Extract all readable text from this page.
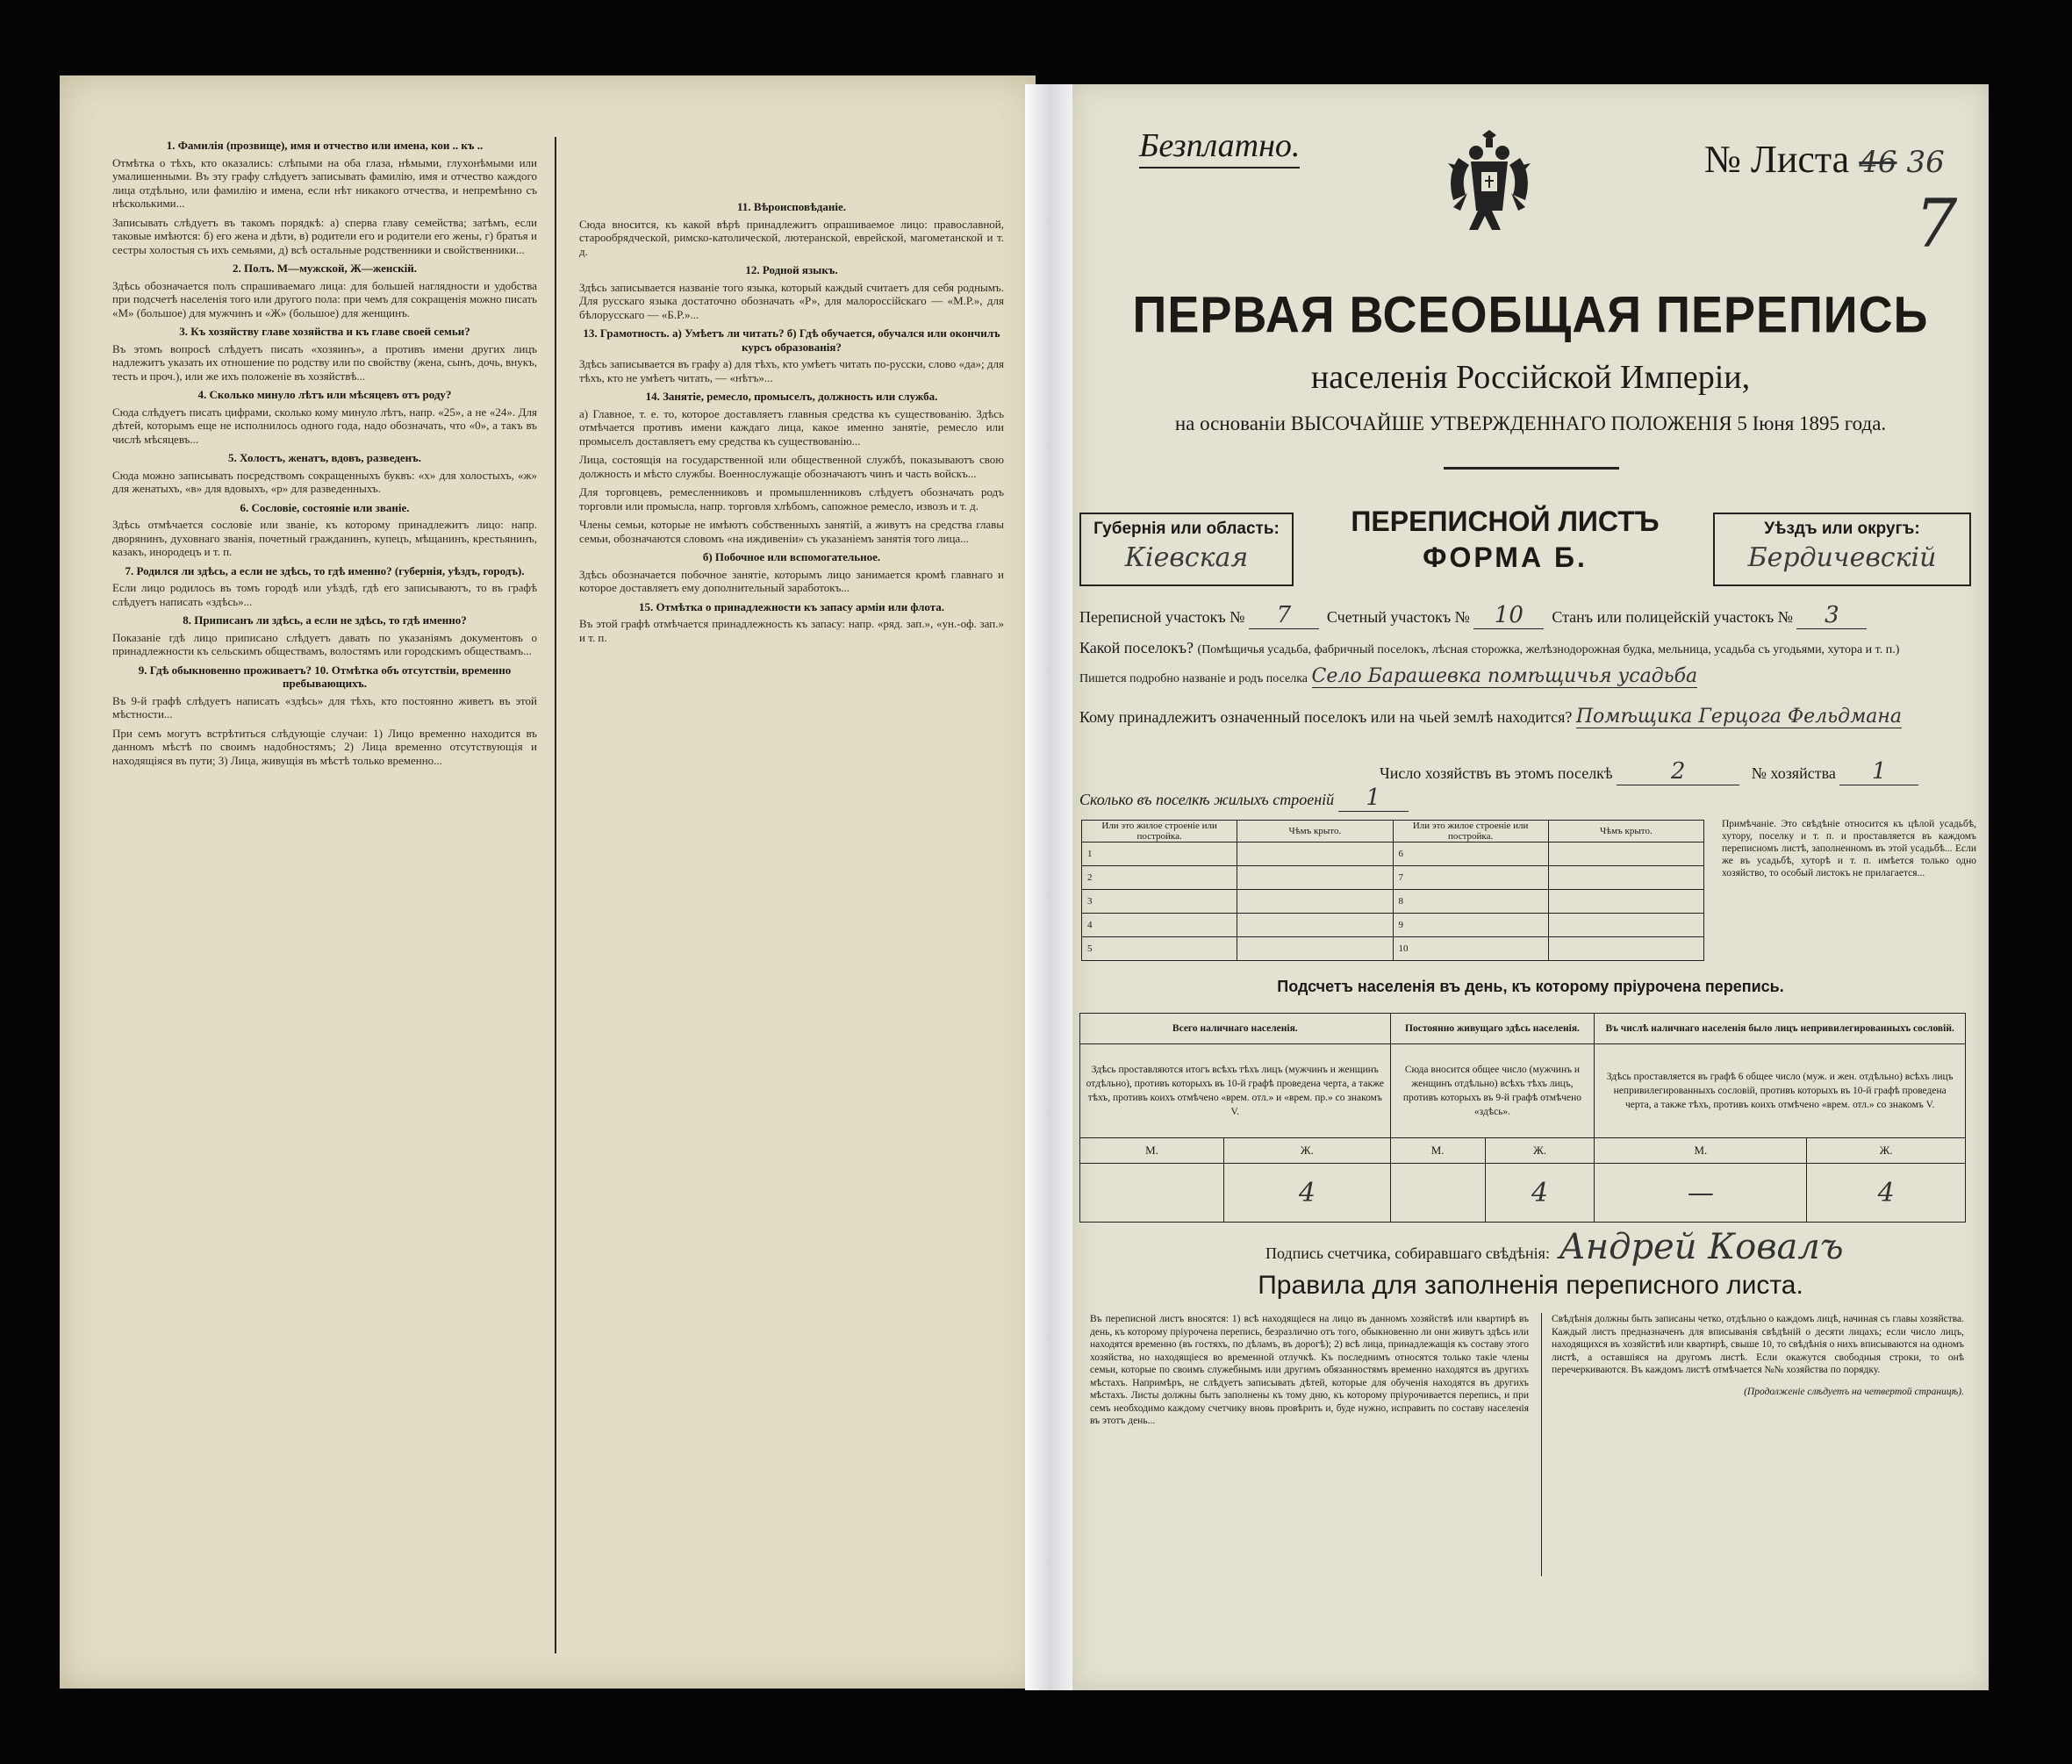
1. Фамилія (прозвище), имя и отчество или имена, кои .. къ ..
Отмѣтка о тѣхъ, кто оказались: слѣпыми на оба глаза, нѣмыми, глухонѣмыми или умалишенными. Въ эту графу слѣдуетъ записывать фамилію, имя и отчество каждого лица отдѣльно, или фамилію и имена, если нѣт никакого отчества, и непремѣнно съ нѣсколькими...
Записывать слѣдуетъ въ такомъ порядкѣ: а) сперва главу семейства; затѣмъ, если таковые имѣются: б) его жена и дѣти, в) родители его и родители его жены, г) братья и сестры холостыя съ ихъ семьями, д) всѣ остальные родственники и свойственники...
2. Полъ. М—мужской, Ж—женскій.
Здѣсь обозначается полъ спрашиваемаго лица: для большей наглядности и удобства при подсчетѣ населенія того или другого пола: при чемъ для сокращенія можно писать «М» (большое) для мужчинъ и «Ж» (большое) для женщинъ.
3. Къ хозяйству главе хозяйства и къ главе своей семьи?
Въ этомъ вопросѣ слѣдуетъ писать «хозяинъ», а противъ имени других лицъ надлежитъ указать их отношение по родству или по свойству (жена, сынъ, дочь, внукъ, тесть и проч.), или же ихъ положеніе въ хозяйствѣ...
4. Сколько минуло лѣтъ или мѣсяцевъ отъ роду?
Сюда слѣдуетъ писать цифрами, сколько кому минуло лѣтъ, напр. «25», а не «24». Для дѣтей, которымъ еще не исполнилось одного года, надо обозначать, что «0», а такъ въ числѣ мѣсяцевъ...
5. Холостъ, женатъ, вдовъ, разведенъ.
Сюда можно записывать посредствомъ сокращенныхъ буквъ: «х» для холостыхъ, «ж» для женатыхъ, «в» для вдовыхъ, «р» для разведенныхъ.
6. Сословіе, состояніе или званіе.
Здѣсь отмѣчается сословіе или званіе, къ которому принадлежитъ лицо: напр. дворянинъ, духовнаго званія, почетный гражданинъ, купецъ, мѣщанинъ, крестьянинъ, казакъ, инородецъ и т. п.
7. Родился ли здѣсь, а если не здѣсь, то гдѣ именно? (губернія, уѣздъ, городъ).
Если лицо родилось въ томъ городѣ или уѣздѣ, гдѣ его записываютъ, то въ графѣ слѣдуетъ написать «здѣсь»...
8. Приписанъ ли здѣсь, а если не здѣсь, то гдѣ именно?
Показаніе гдѣ лицо приписано слѣдуетъ давать по указаніямъ документовъ о принадлежности къ сельскимъ обществамъ, волостямъ или городскимъ обществамъ...
9. Гдѣ обыкновенно проживаетъ? 10. Отмѣтка объ отсутствіи, временно пребывающихъ.
Въ 9-й графѣ слѣдуетъ написать «здѣсь» для тѣхъ, кто постоянно живетъ въ этой мѣстности...
При семъ могутъ встрѣтиться слѣдующіе случаи: 1) Лицо временно находится въ данномъ мѣстѣ по своимъ надобностямъ; 2) Лица временно отсутствующія и находящіяся въ пути; 3) Лица, живущія въ мѣстѣ только временно...
11. Вѣроисповѣданіе.
Сюда вносится, къ какой вѣрѣ принадлежитъ опрашиваемое лицо: православной, старообрядческой, римско-католической, лютеранской, еврейской, магометанской и т. д.
12. Родной языкъ.
Здѣсь записывается названіе того языка, который каждый считаетъ для себя роднымъ. Для русскаго языка достаточно обозначать «Р», для малороссійскаго — «М.Р.», для бѣлорусскаго — «Б.Р.»...
13. Грамотность. а) Умѣетъ ли читать? б) Гдѣ обучается, обучался или окончилъ курсъ образованія?
Здѣсь записывается въ графу а) для тѣхъ, кто умѣетъ читать по-русски, слово «да»; для тѣхъ, кто не умѣетъ читать, — «нѣтъ»...
14. Занятіе, ремесло, промыселъ, должность или служба.
а) Главное, т. е. то, которое доставляетъ главныя средства къ существованію. Здѣсь отмѣчается противъ имени каждаго лица, какое именно занятіе, ремесло или промыселъ доставляетъ ему средства къ существованію...
Лица, состоящія на государственной или общественной службѣ, показываютъ свою должность и мѣсто службы. Военнослужащіе обозначаютъ чинъ и часть войскъ...
Для торговцевъ, ремесленниковъ и промышленниковъ слѣдуетъ обозначать родъ торговли или промысла, напр. торговля хлѣбомъ, сапожное ремесло, извозъ и т. д.
Члены семьи, которые не имѣютъ собственныхъ занятій, а живутъ на средства главы семьи, обозначаются словомъ «на иждивеніи» съ указаніемъ занятія того лица...
б) Побочное или вспомогательное.
Здѣсь обозначается побочное занятіе, которымъ лицо занимается кромѣ главнаго и которое доставляетъ ему дополнительный заработокъ...
15. Отмѣтка о принадлежности къ запасу армiи или флота.
Въ этой графѣ отмѣчается принадлежность къ запасу: напр. «ряд. зап.», «ун.-оф. зап.» и т. п.
Безплатно.	№ Листа 46 36
7
ПЕРВАЯ ВСЕОБЩАЯ ПЕРЕПИСЬ
населенія Россійской Имперіи,
на основаніи ВЫСОЧАЙШЕ УТВЕРЖДЕННАГО ПОЛОЖЕНІЯ 5 Іюня 1895 года.
Губернія или область:
Кіевская
ПЕРЕПИСНОЙ ЛИСТЪ
ФОРМА Б.
Уѣздъ или округъ:
Бердичевскій
Переписной участокъ № 7 Счетный участокъ № 10 Станъ или полицейскій участокъ № 3
Какой поселокъ? (Помѣщичья усадьба, фабричный поселокъ, лѣсная сторожка, желѣзнодорожная будка, мельница, усадьба съ угодьями, хутора и т. п.)
Пишется подробно названіе и родъ поселка Село Барашевка помѣщичья усадьба
Кому принадлежитъ означенный поселокъ или на чьей землѣ находится? Помѣщика Герцога Фельдмана
Число хозяйствъ въ этомъ поселкѣ	2	№ хозяйства 1
Сколько въ поселкѣ жилыхъ строеній 1
Или это жилое строеніе или постройка.	Чѣмъ крыто.	Или это жилое строеніе или постройка.	Чѣмъ крыто.
1		6	
2		7	
3		8	
4		9	
5		10	
Примѣчаніе. Это свѣдѣніе относится къ цѣлой усадьбѣ, хутору, поселку и т. п. и проставляется въ каждомъ переписномъ листѣ, заполненномъ въ этой усадьбѣ... Если же въ усадьбѣ, хуторѣ и т. п. имѣется только одно хозяйство, то особый листокъ не прилагается...
Подсчетъ населенія въ день, къ которому пріурочена перепись.
Всего наличнаго населенія.		Постоянно живущаго здѣсь населенія.		Въ числѣ наличнаго населенія было лицъ непривилегированныхъ сословій.	
Здѣсь проставляются итогъ всѣхъ тѣхъ лицъ (мужчинъ и женщинъ отдѣльно), противъ которыхъ въ 10-й графѣ проведена черта, а также тѣхъ, противъ коихъ отмѣчено «врем. отл.» и «врем. пр.» со знакомъ V.		Сюда вносится общее число (мужчинъ и женщинъ отдѣльно) всѣхъ тѣхъ лицъ, противъ которыхъ въ 9-й графѣ отмѣчено «здѣсь».		Здѣсь проставляется въ графѣ 6 общее число (муж. и жен. отдѣльно) всѣхъ лицъ непривилегированныхъ сословій, противъ которыхъ въ 10-й графѣ проведена черта, а также тѣхъ, противъ коихъ отмѣчено «врем. отл.» со знакомъ V.	
М.	Ж.	М.	Ж.	М.	Ж.
	4		4	—	4
Подпись счетчика, собиравшаго свѣдѣнія: Андрей Ковалъ
Правила для заполненія переписного листа.
Въ переписной листъ вносятся: 1) всѣ находящіеся на лицо въ данномъ хозяйствѣ или квартирѣ въ день, къ которому пріурочена перепись, безразлично отъ того, обыкновенно ли они живутъ здѣсь или находятся временно (въ гостяхъ, по дѣламъ, въ дорогѣ); 2) всѣ лица, принадлежащія къ составу этого хозяйства, но находящіеся во временной отлучкѣ. Къ последнимъ относятся только такіе члены семьи, которые по своимъ служебнымъ или другимъ обязанностямъ временно находятся въ другихъ мѣстахъ. Напримѣръ, не слѣдуетъ записывать дѣтей, которые для обученія находятся въ другихъ мѣстахъ. Листы должны быть заполнены къ тому дню, къ которому пріурочивается перепись, и при семъ необходимо каждому счетчику вновь провѣрить и, буде нужно, исправить по составу населенія въ этотъ день...
Свѣдѣнія должны быть записаны четко, отдѣльно о каждомъ лицѣ, начиная съ главы хозяйства. Каждый листъ предназначенъ для вписыванія свѣдѣній о десяти лицахъ; если число лицъ, находящихся въ хозяйствѣ или квартирѣ, свыше 10, то свѣдѣнія о нихъ вписываются на одномъ листѣ, а оставшіяся на другомъ листѣ. Если окажутся свободныя строки, то онѣ перечеркиваются. Въ каждомъ листѣ отмѣчается №№ хозяйства по порядку.
(Продолженіе слѣдуетъ на четвертой страницѣ).
